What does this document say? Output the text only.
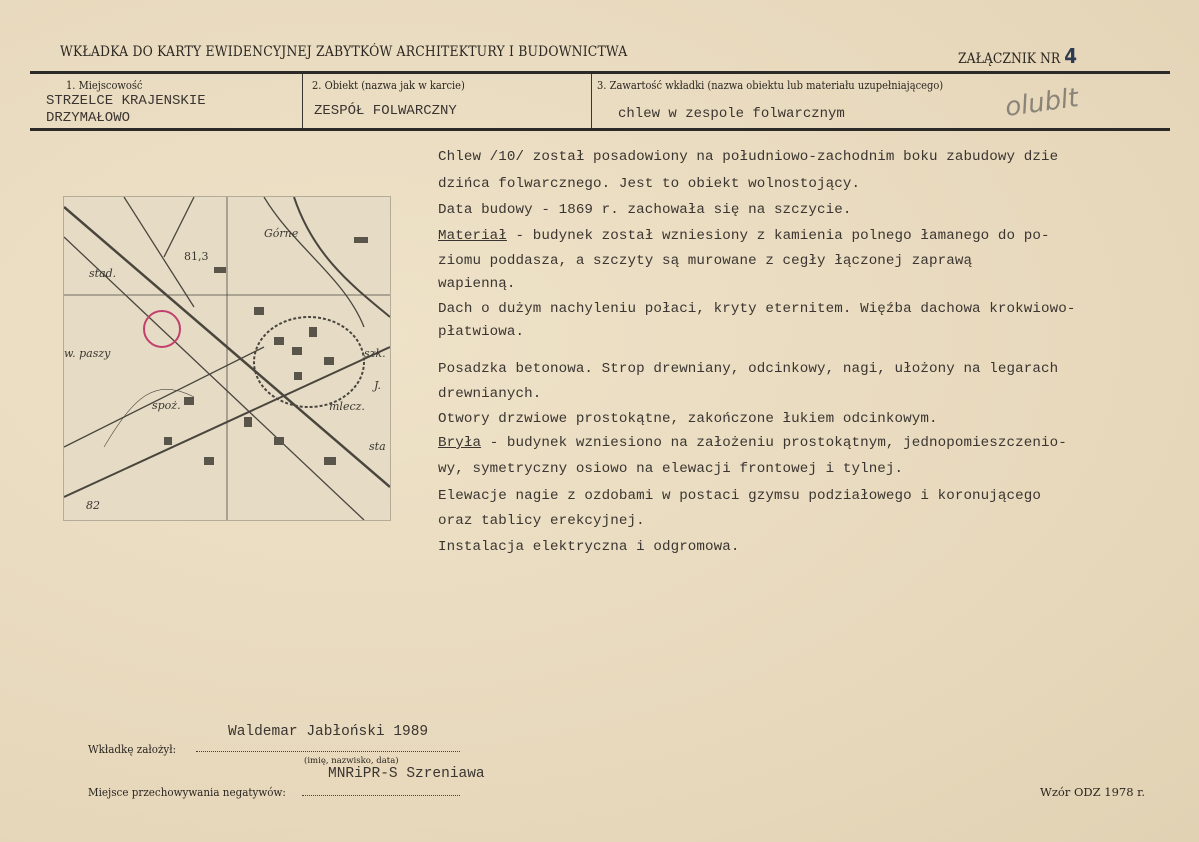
WKŁADKA DO KARTY EWIDENCYJNEJ ZABYTKÓW ARCHITEKTURY I BUDOWNICTWA	ZAŁĄCZNIK NR 4
1. Miejscowość
STRZELCE KRAJENSKIE
DRZYMAŁOWO
2. Obiekt (nazwa jak w karcie)
ZESPÓŁ FOLWARCZNY
3. Zawartość wkładki (nazwa obiektu lub materiału uzupełniającego)
chlew w zespole folwarcznym	olublt
stad.
81,3
w. paszy
spoż.
82
Górne
szk.
mlecz.
sta
J.
Chlew /10/ został posadowiony na południowo-zachodnim boku zabudowy dzie
dzińca folwarcznego. Jest to obiekt wolnostojący.
Data budowy - 1869 r. zachowała się na szczycie.
Materiał - budynek został wzniesiony z kamienia polnego łamanego do po-
ziomu poddasza, a szczyty są murowane z cegły łączonej zaprawą
wapienną.
Dach o dużym nachyleniu połaci, kryty eternitem. Więźba dachowa krokwiowo-
płatwiowa.
Posadzka betonowa. Strop drewniany, odcinkowy, nagi, ułożony na legarach
drewnianych.
Otwory drzwiowe prostokątne, zakończone łukiem odcinkowym.
Bryła - budynek wzniesiono na założeniu prostokątnym, jednopomieszczenio-
wy, symetryczny osiowo na elewacji frontowej i tylnej.
Elewacje nagie z ozdobami w postaci gzymsu podziałowego i koronującego
oraz tablicy erekcyjnej.
Instalacja elektryczna i odgromowa.
Waldemar Jabłoński 1989
Wkładkę założył:
(imię, nazwisko, data)
MNRiPR-S Szreniawa
Miejsce przechowywania negatywów:	Wzór ODZ 1978 r.
